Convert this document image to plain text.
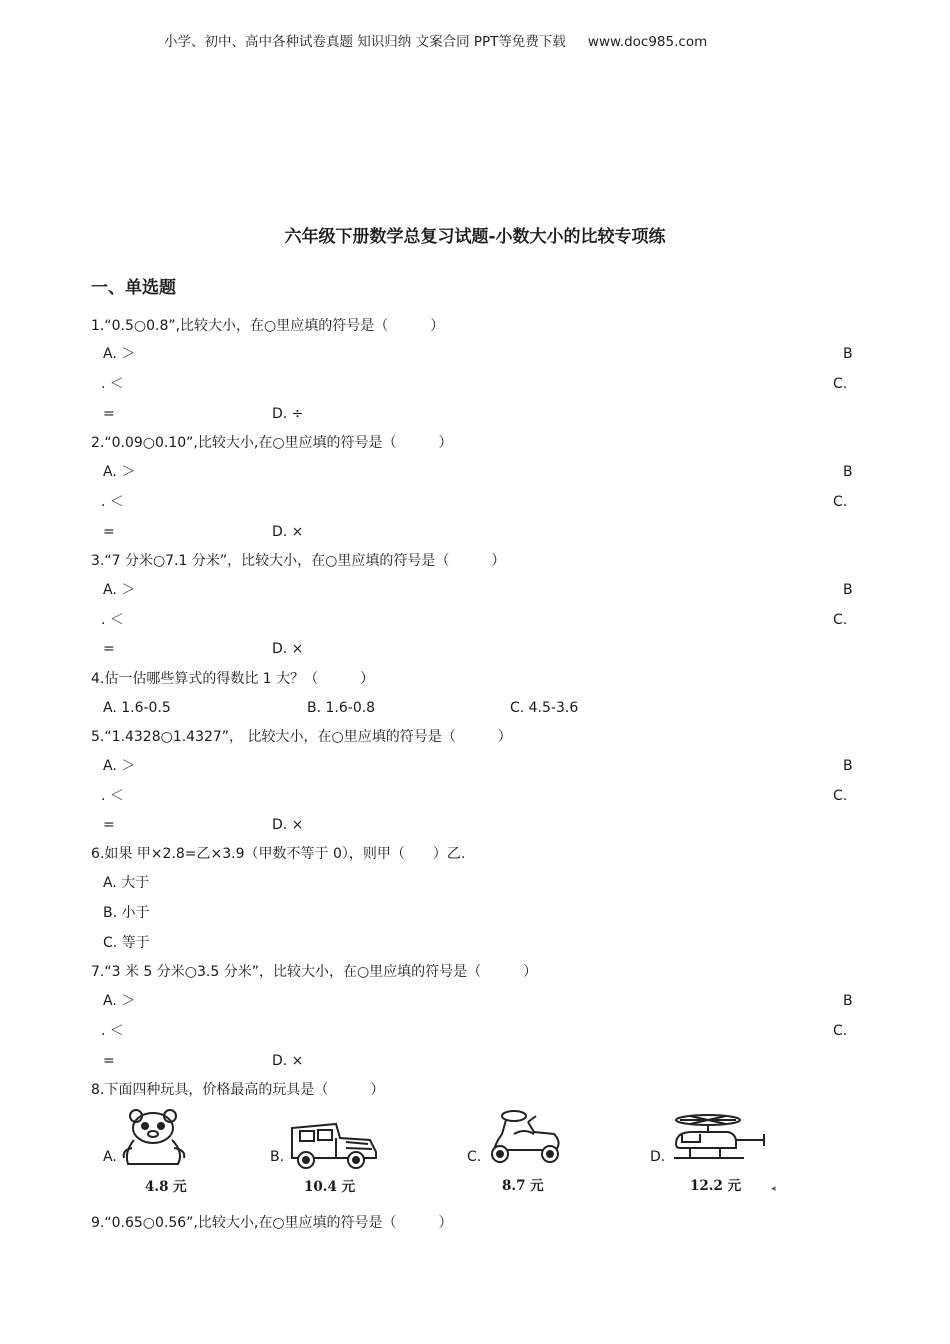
小学、初中、高中各种试卷真题 知识归纳 文案合同 PPT等免费下载 www.doc985.com
六年级下册数学总复习试题-小数大小的比较专项练
一、单选题
1.“0.5○0.8”,比较大小，在○里应填的符号是（　　　）
A. ＞	B
. ＜	C.
=	D. ÷
2.“0.09○0.10”,比较大小,在○里应填的符号是（　　　）
A. ＞	B
. ＜	C.
=	D. ×
3.“7 分米○7.1 分米”，比较大小，在○里应填的符号是（　　　）
A. ＞	B
. ＜	C.
=	D. ×
4.估一估哪些算式的得数比 1 大？（　　　）
A. 1.6-0.5	B. 1.6-0.8	C. 4.5-3.6
5.“1.4328○1.4327”， 比较大小，在○里应填的符号是（　　　）
A. ＞	B
. ＜	C.
=	D. ×
6.如果 甲×2.8=乙×3.9（甲数不等于 0），则甲（　　）乙.
A. 大于
B. 小于
C. 等于
7.“3 米 5 分米○3.5 分米”，比较大小，在○里应填的符号是（　　　）
A. ＞	B
. ＜	C.
=	D. ×
8.下面四种玩具，价格最高的玩具是（　　　）
A.	B.	C.	D.
4.8 元	10.4 元	8.7 元	12.2 元	◂
9.“0.65○0.56”,比较大小,在○里应填的符号是（　　　）
